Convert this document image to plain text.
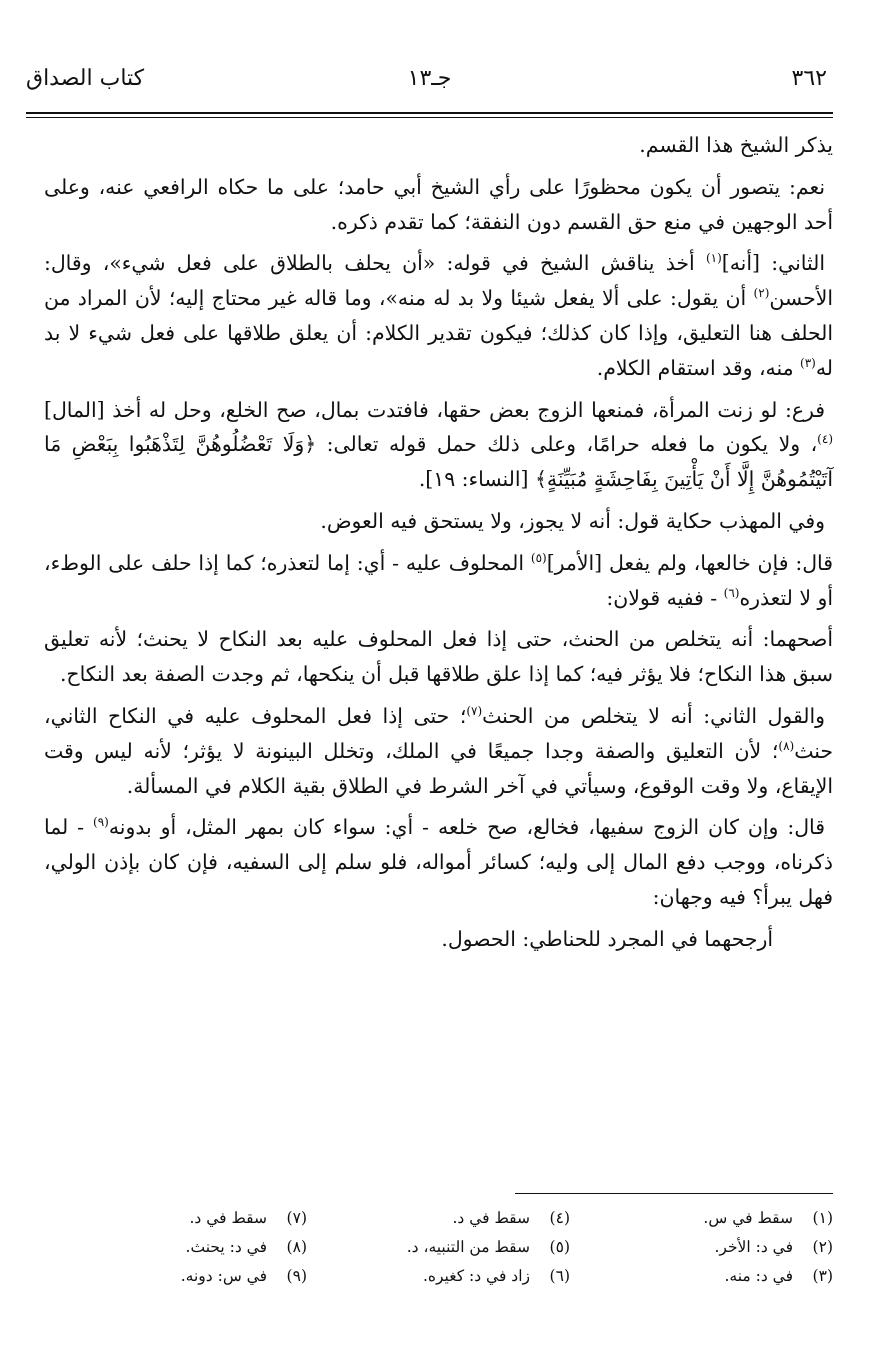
٣٦٢
جـ١٣
كتاب الصداق

يذكر الشيخ هذا القسم.

نعم: يتصور أن يكون محظورًا على رأي الشيخ أبي حامد؛ على ما حكاه الرافعي عنه، وعلى أحد الوجهين في منع حق القسم دون النفقة؛ كما تقدم ذكره.

الثاني: [أنه]$^{(١)}$ أخذ يناقش الشيخ في قوله: «أن يحلف بالطلاق على فعل شيء»، وقال: الأحسن$^{(٢)}$ أن يقول: على ألا يفعل شيئا ولا بد له منه»، وما قاله غير محتاج إليه؛ لأن المراد من الحلف هنا التعليق، وإذا كان كذلك؛ فيكون تقدير الكلام: أن يعلق طلاقها على فعل شيء لا بد له$^{(٣)}$ منه، وقد استقام الكلام.

فرع: لو زنت المرأة، فمنعها الزوج بعض حقها، فافتدت بمال، صح الخلع، وحل له أخذ [المال]$^{(٤)}$، ولا يكون ما فعله حرامًا، وعلى ذلك حمل قوله تعالى: ﴿وَلَا تَعْضُلُوهُنَّ لِتَذْهَبُوا بِبَعْضِ مَا آتَيْتُمُوهُنَّ إِلَّا أَنْ يَأْتِينَ بِفَاحِشَةٍ مُبَيِّنَةٍ﴾ [النساء: ١٩].

وفي المهذب حكاية قول: أنه لا يجوز، ولا يستحق فيه العوض.

قال: فإن خالعها، ولم يفعل [الأمر]$^{(٥)}$ المحلوف عليه - أي: إما لتعذره؛ كما إذا حلف على الوطء، أو لا لتعذره$^{(٦)}$ - ففيه قولان:

أصحهما: أنه يتخلص من الحنث، حتى إذا فعل المحلوف عليه بعد النكاح لا يحنث؛ لأنه تعليق سبق هذا النكاح؛ فلا يؤثر فيه؛ كما إذا علق طلاقها قبل أن ينكحها، ثم وجدت الصفة بعد النكاح.

والقول الثاني: أنه لا يتخلص من الحنث$^{(٧)}$؛ حتى إذا فعل المحلوف عليه في النكاح الثاني، حنث$^{(٨)}$؛ لأن التعليق والصفة وجدا جميعًا في الملك، وتخلل البينونة لا يؤثر؛ لأنه ليس وقت الإيقاع، ولا وقت الوقوع، وسيأتي في آخر الشرط في الطلاق بقية الكلام في المسألة.

قال: وإن كان الزوج سفيها، فخالع، صح خلعه - أي: سواء كان بمهر المثل، أو بدونه$^{(٩)}$ - لما ذكرناه، ووجب دفع المال إلى وليه؛ كسائر أمواله، فلو سلم إلى السفيه، فإن كان بإذن الولي، فهل يبرأ؟ فيه وجهان:

أرجحهما في المجرد للحناطي: الحصول.

(١)سقط في س.
(٤)سقط في د.
(٧)سقط في د.
(٢)في د: الأخر.
(٥)سقط من التنبيه، د.
(٨)في د: يحنث.
(٣)في د: منه.
(٦)زاد في د: كغيره.
(٩)في س: دونه.
